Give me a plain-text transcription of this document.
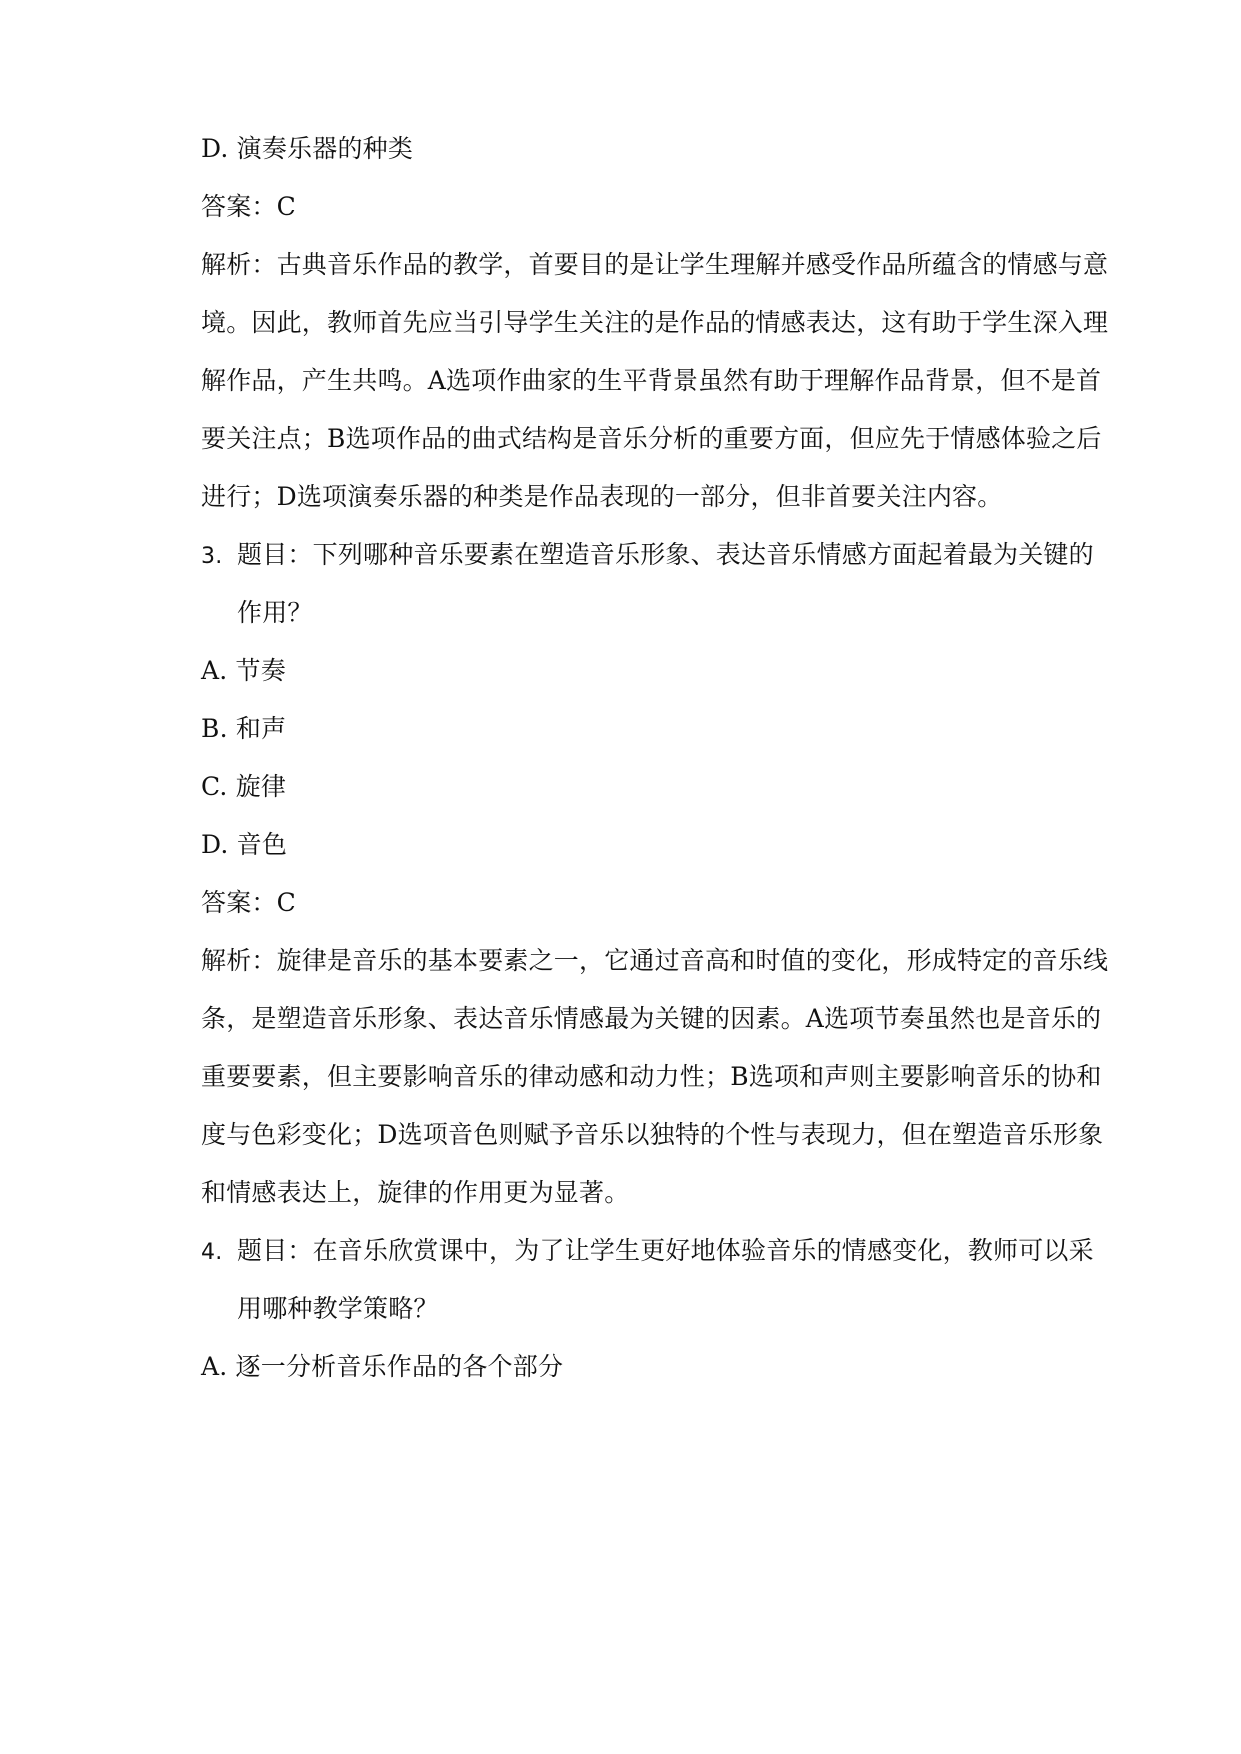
D. 演奏乐器的种类
答案：C
解析：古典音乐作品的教学，首要目的是让学生理解并感受作品所蕴含的情感与意
境。因此，教师首先应当引导学生关注的是作品的情感表达，这有助于学生深入理
解作品，产生共鸣。A选项作曲家的生平背景虽然有助于理解作品背景，但不是首
要关注点；B选项作品的曲式结构是音乐分析的重要方面，但应先于情感体验之后
进行；D选项演奏乐器的种类是作品表现的一部分，但非首要关注内容。
3. 题目：下列哪种音乐要素在塑造音乐形象、表达音乐情感方面起着最为关键的
作用？
A. 节奏
B. 和声
C. 旋律
D. 音色
答案：C
解析：旋律是音乐的基本要素之一，它通过音高和时值的变化，形成特定的音乐线
条，是塑造音乐形象、表达音乐情感最为关键的因素。A选项节奏虽然也是音乐的
重要要素，但主要影响音乐的律动感和动力性；B选项和声则主要影响音乐的协和
度与色彩变化；D选项音色则赋予音乐以独特的个性与表现力，但在塑造音乐形象
和情感表达上，旋律的作用更为显著。
4. 题目：在音乐欣赏课中，为了让学生更好地体验音乐的情感变化，教师可以采
用哪种教学策略？
A. 逐一分析音乐作品的各个部分
